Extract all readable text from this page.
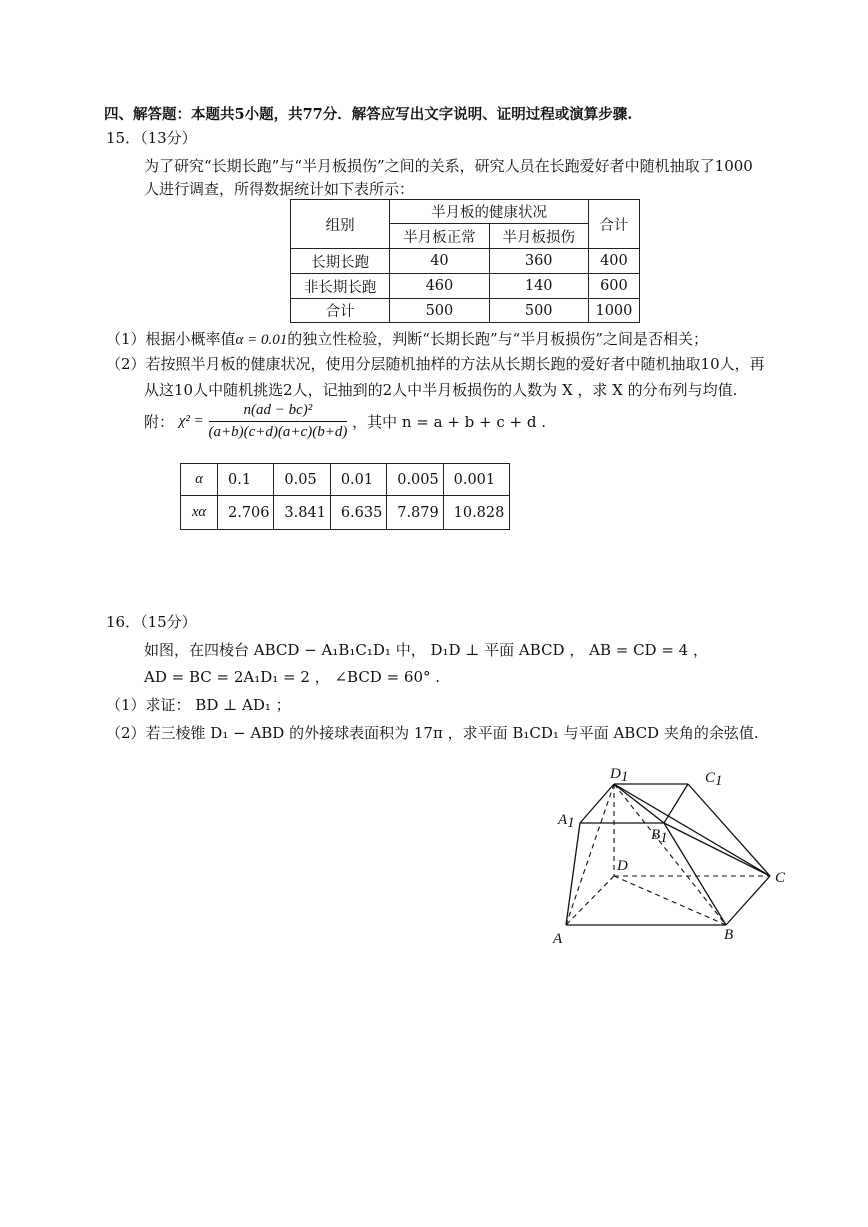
四、解答题：本题共5小题，共77分．解答应写出文字说明、证明过程或演算步骤.
15．（13分）
为了研究“长期长跑”与“半月板损伤”之间的关系，研究人员在长跑爱好者中随机抽取了1000
人进行调查，所得数据统计如下表所示：
组别	半月板的健康状况		合计
	半月板正常	半月板损伤	
长期长跑	40	360	400
非长期长跑	460	140	600
合计	500	500	1000
（1）根据小概率值α = 0.01的独立性检验，判断“长期长跑”与“半月板损伤”之间是否相关；
（2）若按照半月板的健康状况，使用分层随机抽样的方法从长期长跑的爱好者中随机抽取10人，再
从这10人中随机挑选2人，记抽到的2人中半月板损伤的人数为 X ，求 X 的分布列与均值.
附： $\chi^2 = \frac{\text{n(ad − bc)²}}{(a+b)(c+d)(a+c)(b+d)}$ ，其中 n = a + b + c + d .
α	0.1	0.05	0.01	0.005	0.001
xα	2.706	3.841	6.635	7.879	10.828
16．（15分）
如图，在四棱台 ABCD − A₁B₁C₁D₁ 中， D₁D ⊥ 平面 ABCD ， AB = CD = 4 ，
AD = BC = 2A₁D₁ = 2 ， ∠BCD = 60° .
（1）求证： BD ⊥ AD₁ ；
（2）若三棱锥 D₁ − ABD 的外接球表面积为 17π ，求平面 B₁CD₁ 与平面 ABCD 夹角的余弦值.
D1	C1
A1
B1
D
C
A	B
